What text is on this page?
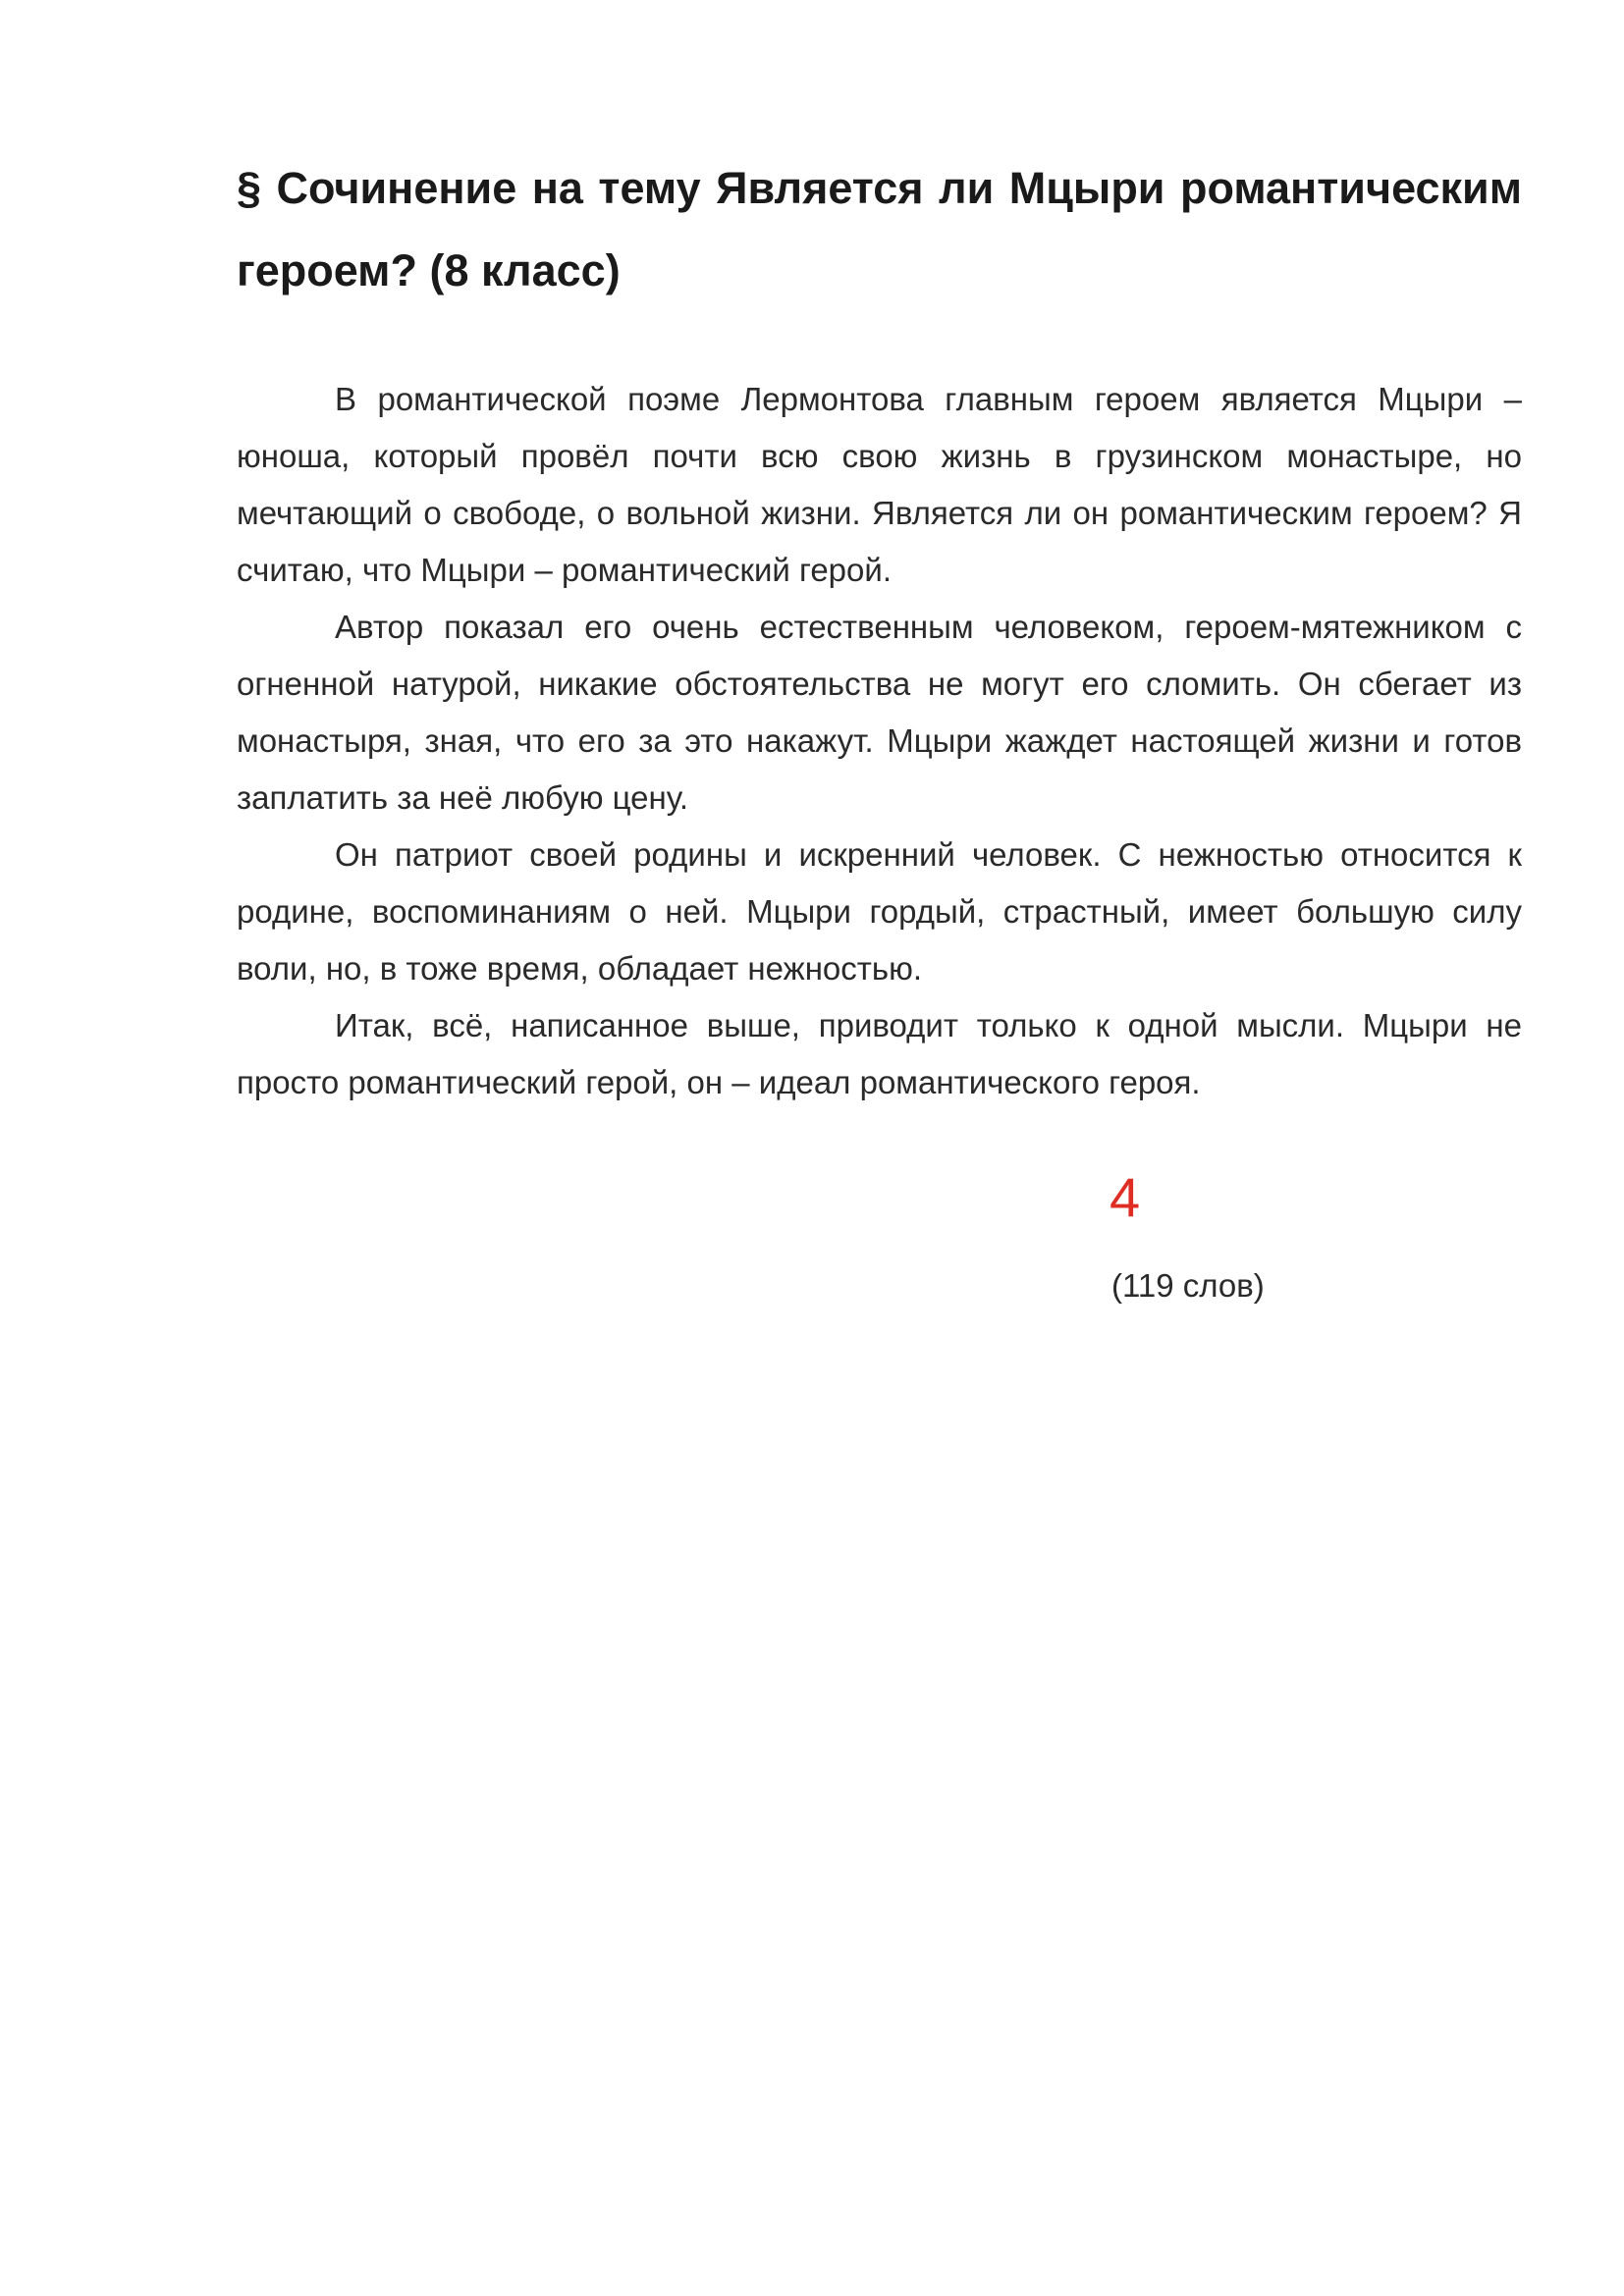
§ Сочинение на тему Является ли Мцыри романтическим героем? (8 класс)

В романтической поэме Лермонтова главным героем является Мцыри – юноша, который провёл почти всю свою жизнь в грузинском монастыре, но мечтающий о свободе, о вольной жизни. Является ли он романтическим героем? Я считаю, что Мцыри – романтический герой.

Автор показал его очень естественным человеком, героем-мятежником с огненной натурой, никакие обстоятельства не могут его сломить. Он сбегает из монастыря, зная, что его за это накажут. Мцыри жаждет настоящей жизни и готов заплатить за неё любую цену.

Он патриот своей родины и искренний человек. С нежностью относится к родине, воспоминаниям о ней. Мцыри гордый, страстный, имеет большую силу воли, но, в тоже время, обладает нежностью.

Итак, всё, написанное выше, приводит только к одной мысли. Мцыри не просто романтический герой, он – идеал романтического героя.

4
(119 слов)
